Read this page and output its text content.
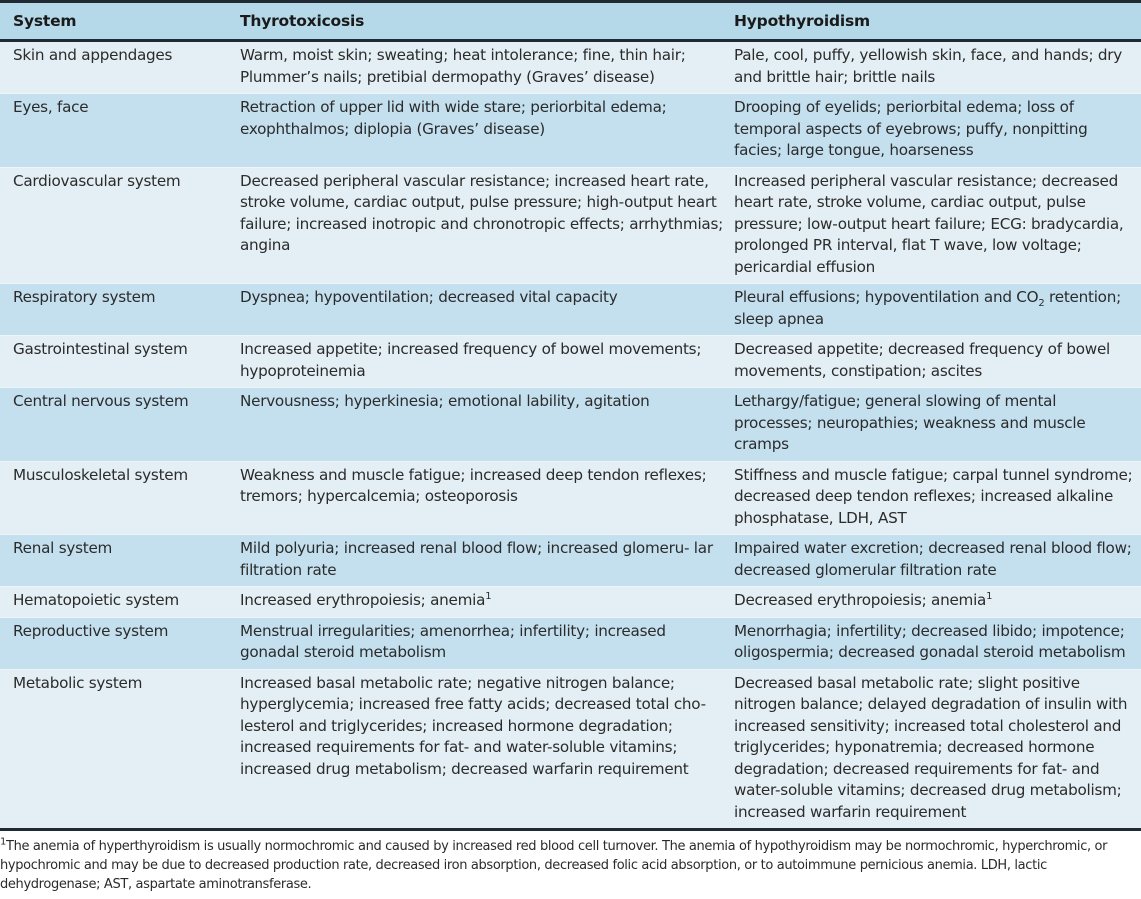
System	Thyrotoxicosis	Hypothyroidism
Skin and appendages	Warm, moist skin; sweating; heat intolerance; fine, thin hair; Plummer’s nails; pretibial dermopathy (Graves’ disease)	Pale, cool, puffy, yellowish skin, face, and hands; dry and brittle hair; brittle nails
Eyes, face	Retraction of upper lid with wide stare; periorbital edema; exophthalmos; diplopia (Graves’ disease)	Drooping of eyelids; periorbital edema; loss of temporal aspects of eyebrows; puffy, nonpitting facies; large tongue, hoarseness
Cardiovascular system	Decreased peripheral vascular resistance; increased heart rate, stroke volume, cardiac output, pulse pressure; high-output heart failure; increased inotropic and chronotropic effects; arrhythmias; angina	Increased peripheral vascular resistance; decreased heart rate, stroke volume, cardiac output, pulse pressure; low-output heart failure; ECG: bradycardia, prolonged PR interval, flat T wave, low voltage; pericardial effusion
Respiratory system	Dyspnea; hypoventilation; decreased vital capacity	Pleural effusions; hypoventilation and $CO_2$ retention; sleep apnea
Gastrointestinal system	Increased appetite; increased frequency of bowel movements; hypoproteinemia	Decreased appetite; decreased frequency of bowel movements, constipation; ascites
Central nervous system	Nervousness; hyperkinesia; emotional lability, agitation	Lethargy/fatigue; general slowing of mental processes; neuropathies; weakness and muscle cramps
Musculoskeletal system	Weakness and muscle fatigue; increased deep tendon reflexes; tremors; hypercalcemia; osteoporosis	Stiffness and muscle fatigue; carpal tunnel syndrome; decreased deep tendon reflexes; increased alkaline phosphatase, LDH, AST
Renal system	Mild polyuria; increased renal blood flow; increased glomeru- lar filtration rate	Impaired water excretion; decreased renal blood flow; decreased glomerular filtration rate
Hematopoietic system	Increased erythropoiesis; anemia$^1$	Decreased erythropoiesis; anemia$^1$
Reproductive system	Menstrual irregularities; amenorrhea; infertility; increased gonadal steroid metabolism	Menorrhagia; infertility; decreased libido; impotence; oligospermia; decreased gonadal steroid metabolism
Metabolic system	Increased basal metabolic rate; negative nitrogen balance; hyperglycemia; increased free fatty acids; decreased total cho- lesterol and triglycerides; increased hormone degradation; increased requirements for fat- and water-soluble vitamins; increased drug metabolism; decreased warfarin requirement	Decreased basal metabolic rate; slight positive nitrogen balance; delayed degradation of insulin with increased sensitivity; increased total cholesterol and triglycerides; hyponatremia; decreased hormone degradation; decreased requirements for fat- and water-soluble vitamins; decreased drug metabolism; increased warfarin requirement
$^1$The anemia of hyperthyroidism is usually normochromic and caused by increased red blood cell turnover. The anemia of hypothyroidism may be normochromic, hyperchromic, or hypochromic and may be due to decreased production rate, decreased iron absorption, decreased folic acid absorption, or to autoimmune pernicious anemia. LDH, lactic dehydrogenase; AST, aspartate aminotransferase.
